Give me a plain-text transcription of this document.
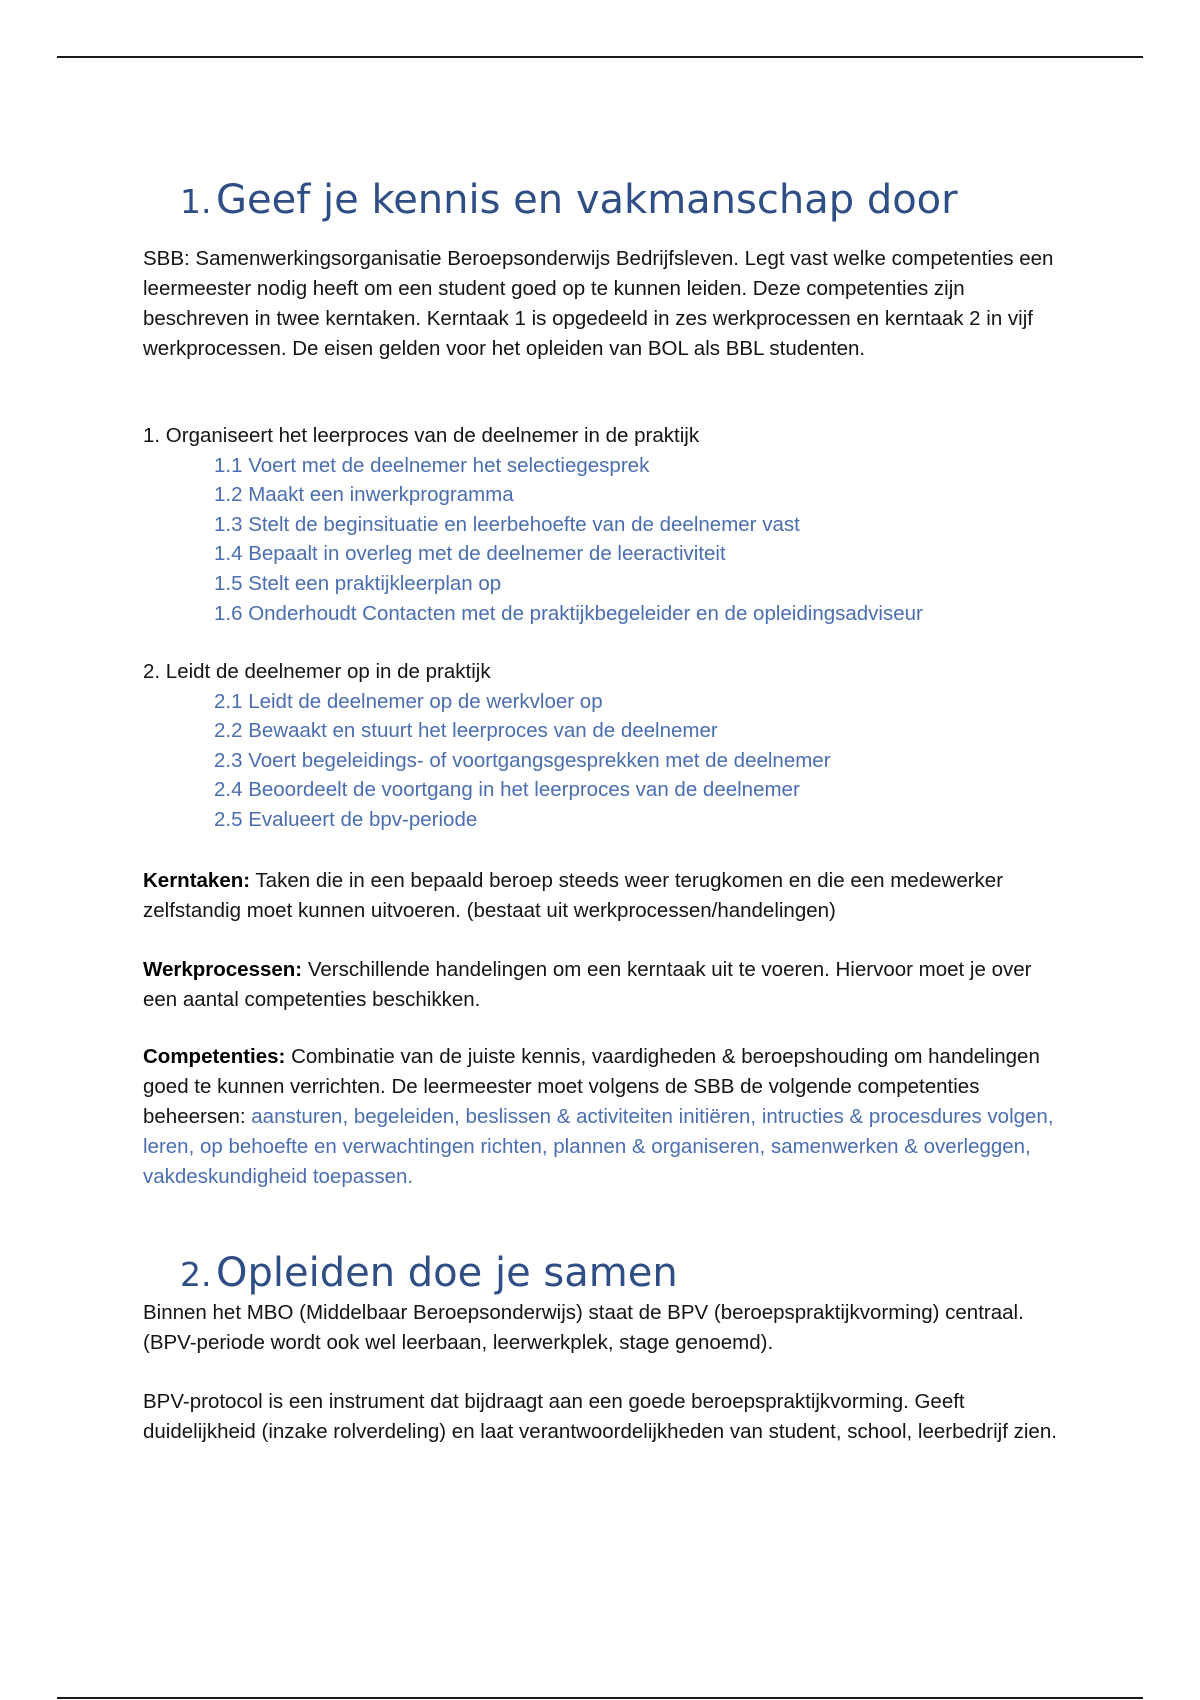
1. Geef je kennis en vakmanschap door

SBB: Samenwerkingsorganisatie Beroepsonderwijs Bedrijfsleven. Legt vast welke competenties een leermeester nodig heeft om een student goed op te kunnen leiden. Deze competenties zijn beschreven in twee kerntaken. Kerntaak 1 is opgedeeld in zes werkprocessen en kerntaak 2 in vijf werkprocessen. De eisen gelden voor het opleiden van BOL als BBL studenten.

1. Organiseert het leerproces van de deelnemer in de praktijk
1.1 Voert met de deelnemer het selectiegesprek
1.2 Maakt een inwerkprogramma
1.3 Stelt de beginsituatie en leerbehoefte van de deelnemer vast
1.4 Bepaalt in overleg met de deelnemer de leeractiviteit
1.5 Stelt een praktijkleerplan op
1.6 Onderhoudt Contacten met de praktijkbegeleider en de opleidingsadviseur
2. Leidt de deelnemer op in de praktijk
2.1 Leidt de deelnemer op de werkvloer op
2.2 Bewaakt en stuurt het leerproces van de deelnemer
2.3 Voert begeleidings- of voortgangsgesprekken met de deelnemer
2.4 Beoordeelt de voortgang in het leerproces van de deelnemer
2.5 Evalueert de bpv-periode

Kerntaken: Taken die in een bepaald beroep steeds weer terugkomen en die een medewerker zelfstandig moet kunnen uitvoeren. (bestaat uit werkprocessen/handelingen)

Werkprocessen: Verschillende handelingen om een kerntaak uit te voeren. Hiervoor moet je over een aantal competenties beschikken.

Competenties: Combinatie van de juiste kennis, vaardigheden & beroepshouding om handelingen goed te kunnen verrichten. De leermeester moet volgens de SBB de volgende competenties beheersen: aansturen, begeleiden, beslissen & activiteiten initiëren, intructies & procesdures volgen, leren, op behoefte en verwachtingen richten, plannen & organiseren, samenwerken & overleggen, vakdeskundigheid toepassen.

2. Opleiden doe je samen

Binnen het MBO (Middelbaar Beroepsonderwijs) staat de BPV (beroepspraktijkvorming) centraal. (BPV-periode wordt ook wel leerbaan, leerwerkplek, stage genoemd).

BPV-protocol is een instrument dat bijdraagt aan een goede beroepspraktijkvorming. Geeft duidelijkheid (inzake rolverdeling) en laat verantwoordelijkheden van student, school, leerbedrijf zien.
